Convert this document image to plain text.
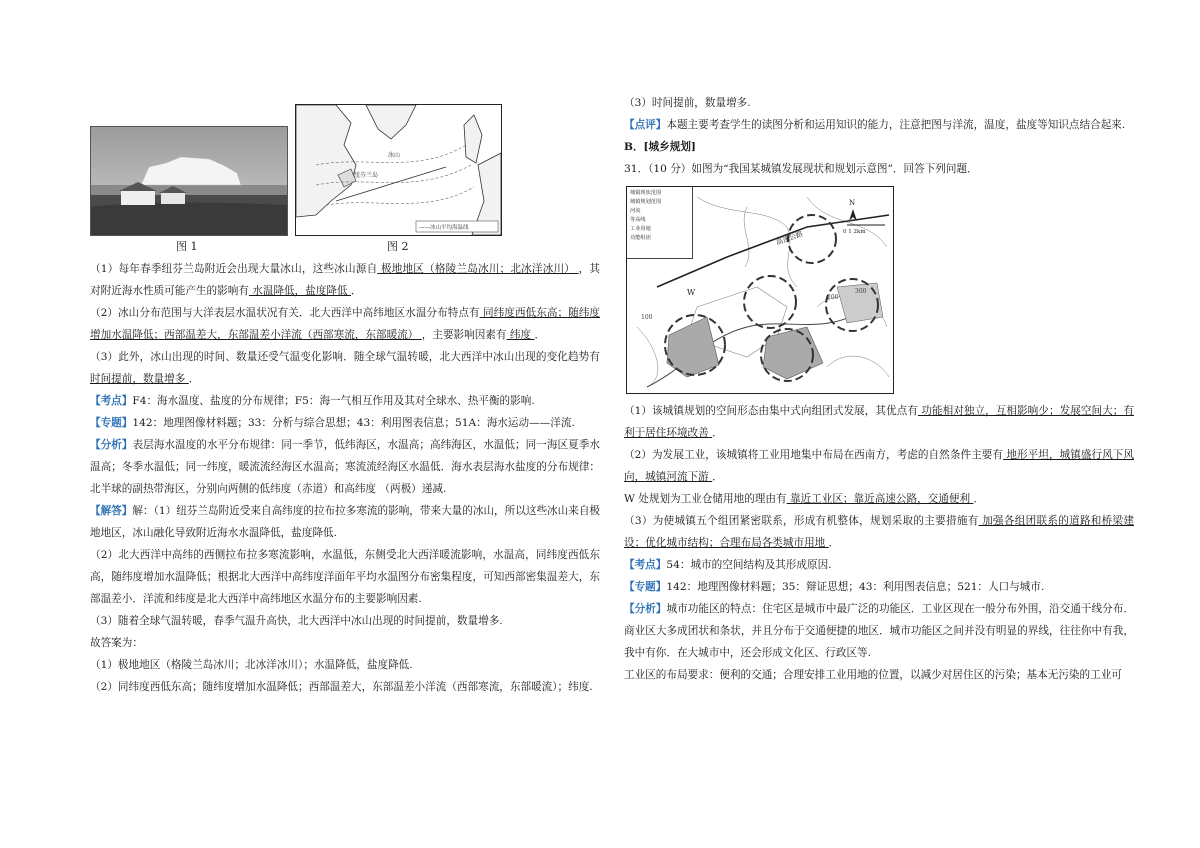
纽芬兰岛
冰山
——冰山平均海温线
图 1	图 2

（1）每年春季纽芬兰岛附近会出现大量冰山，这些冰山源自 极地地区（格陵兰岛冰川；北冰洋冰川） ，其对附近海水性质可能产生的影响有 水温降低，盐度降低 ．

（2）冰山分布范围与大洋表层水温状况有关．北大西洋中高纬地区水温分布特点有 同纬度西低东高；随纬度增加水温降低；西部温差大，东部温差小洋流（西部寒流，东部暖流） ，主要影响因素有 纬度 ．

（3）此外，冰山出现的时间、数量还受气温变化影响．随全球气温转暖，北大西洋中冰山出现的变化趋势有 时间提前，数量增多 ．

【考点】F4：海水温度、盐度的分布规律；F5：海一气相互作用及其对全球水、热平衡的影响.

【专题】142：地理图像材料题；33：分析与综合思想；43：利用图表信息；51A：海水运动——洋流.

【分析】表层海水温度的水平分布规律：同一季节，低纬海区，水温高；高纬海区，水温低；同一海区夏季水温高；冬季水温低；同一纬度，暖流流经海区水温高；寒流流经海区水温低．海水表层海水盐度的分布规律：北半球的副热带海区，分别向两侧的低纬度（赤道）和高纬度 （两极）递减.

【解答】解：（1）纽芬兰岛附近受来自高纬度的拉布拉多寒流的影响，带来大量的冰山，所以这些冰山来自极地地区，冰山融化导致附近海水水温降低，盐度降低.

（2）北大西洋中高纬的西侧拉布拉多寒流影响，水温低，东侧受北大西洋暖流影响，水温高，同纬度西低东高，随纬度增加水温降低；根据北大西洋中高纬度洋面年平均水温图分布密集程度，可知西部密集温差大，东部温差小．洋流和纬度是北大西洋中高纬地区水温分布的主要影响因素.

（3）随着全球气温转暖，春季气温升高快，北大西洋中冰山出现的时间提前，数量增多.

故答案为：

（1）极地地区（格陵兰岛冰川；北冰洋冰川）；水温降低，盐度降低.

（2）同纬度西低东高；随纬度增加水温降低；西部温差大，东部温差小洋流（西部寒流，东部暖流）；纬度.

（3）时间提前，数量增多.

【点评】本题主要考查学生的读图分析和运用知识的能力，注意把图与洋流，温度，盐度等知识点结合起来.

B．[城乡规划]

31．（10 分）如图为“我国某城镇发展现状和规划示意图”．回答下列问题．

高速公路
W
100
200
300
N
0 1 2km
城镇现状范围
城镇规划范围
河流
等高线
工业用地
功能组团

（1）该城镇规划的空间形态由集中式向组团式发展，其优点有 功能相对独立，互相影响少；发展空间大；有利于居住环境改善 ．

（2）为发展工业，该城镇将工业用地集中布局在西南方，考虑的自然条件主要有 地形平坦，城镇盛行风下风向，城镇河流下游 ．

W 处规划为工业仓储用地的理由有 靠近工业区；靠近高速公路，交通便利 ．

（3）为使城镇五个组团紧密联系，形成有机整体，规划采取的主要措施有 加强各组团联系的道路和桥梁建设；优化城市结构；合理布局各类城市用地 ．

【考点】54：城市的空间结构及其形成原因.

【专题】142：地理图像材料题；35：辩证思想；43：利用图表信息；521：人口与城市.

【分析】城市功能区的特点：住宅区是城市中最广泛的功能区．工业区现在一般分布外围，沿交通干线分布．商业区大多成团状和条状，并且分布于交通便捷的地区．城市功能区之间并没有明显的界线，往往你中有我，我中有你．在大城市中，还会形成文化区、行政区等.

工业区的布局要求：便利的交通；合理安排工业用地的位置，以减少对居住区的污染；基本无污染的工业可
